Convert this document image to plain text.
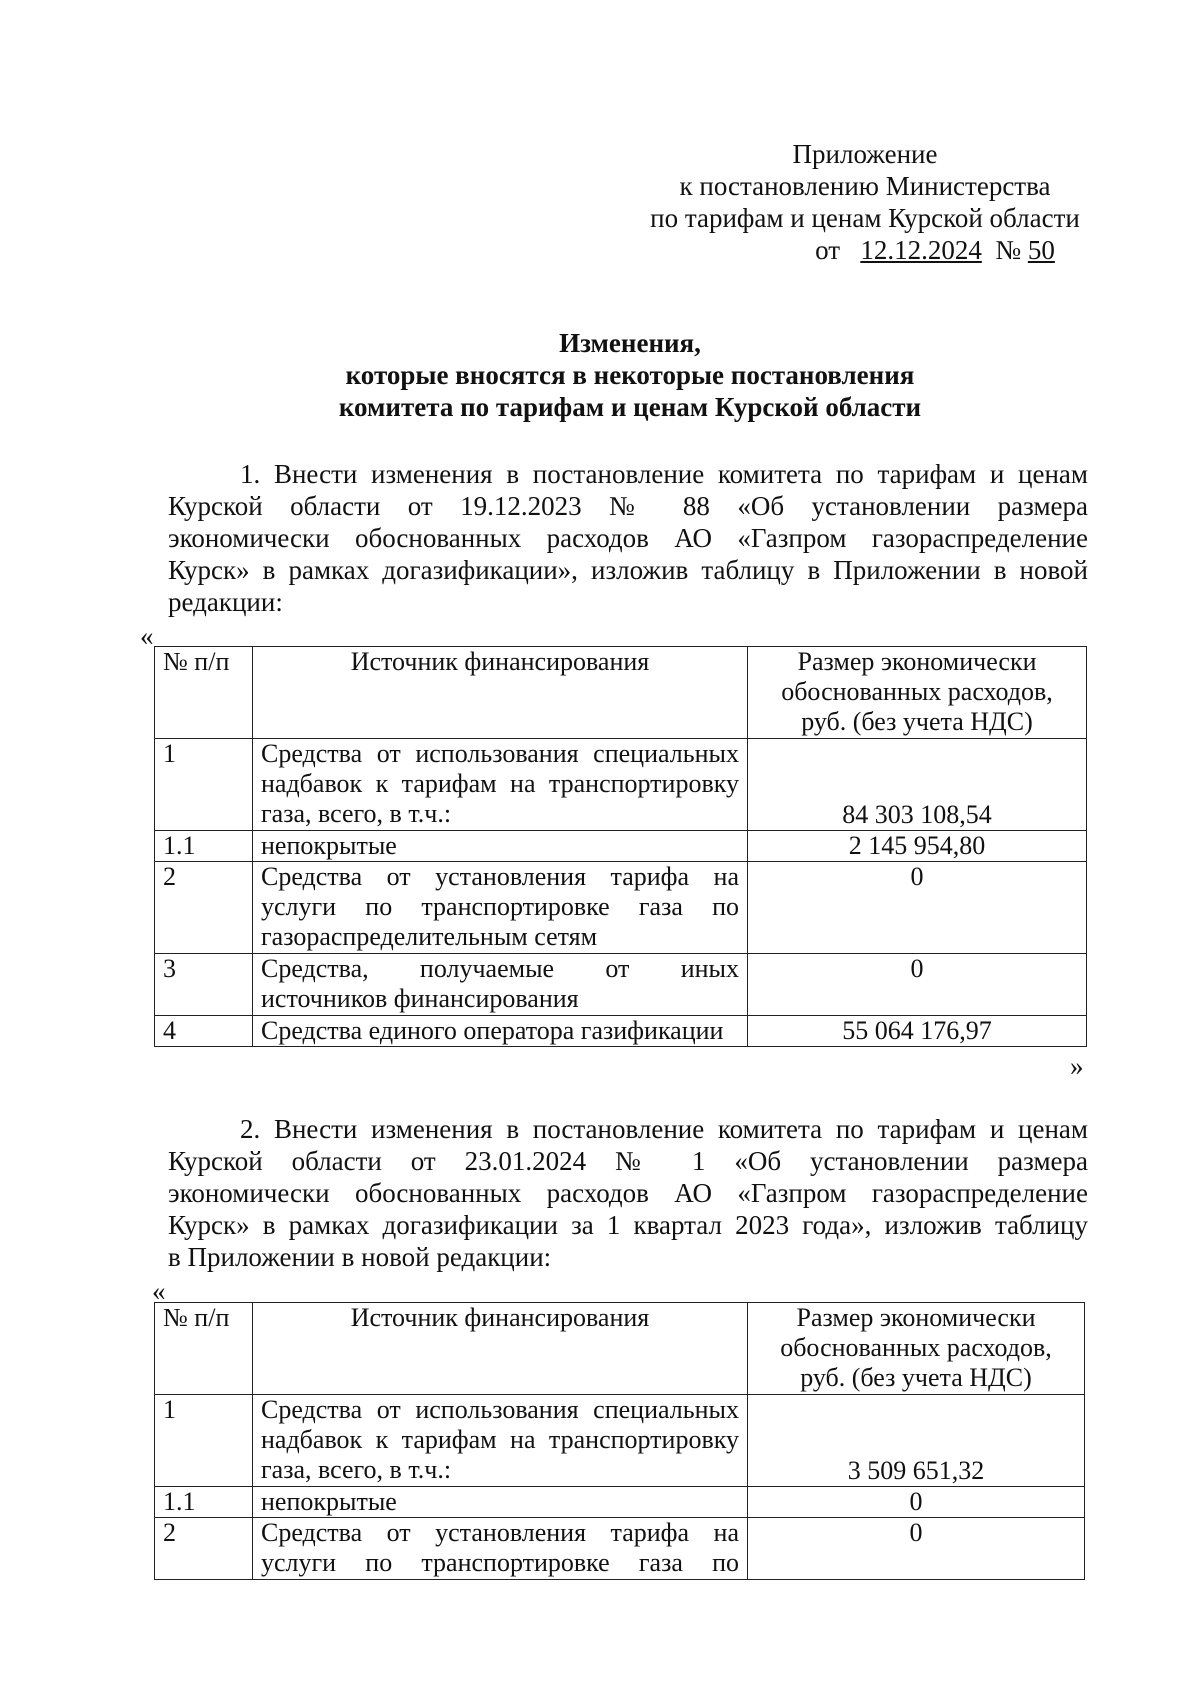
Приложение
к постановлению Министерства
по тарифам и ценам Курской области
от 12.12.2024 № 50
Изменения,
которые вносятся в некоторые постановления
комитета по тарифам и ценам Курской области
1. Внести изменения в постановление комитета по тарифам и ценам
Курской области от 19.12.2023 № 88 «Об установлении размера
экономически обоснованных расходов АО «Газпром газораспределение
Курск» в рамках догазификации», изложив таблицу в Приложении в новой
редакции:
«
№ п/п	Источник финансирования	Размер экономически
обоснованных расходов,
руб. (без учета НДС)

1	Средства от использования специальных
надбавок к тарифам на транспортировку
газа, всего, в т.ч.:	84 303 108,54
1.1	непокрытые	2 145 954,80
2	Средства от установления тарифа на
услуги по транспортировке газа по
газораспределительным сетям	0
3	Средства, получаемые от иных
источников финансирования	0
4	Средства единого оператора газификации	55 064 176,97
»
2. Внести изменения в постановление комитета по тарифам и ценам
Курской области от 23.01.2024 № 1 «Об установлении размера
экономически обоснованных расходов АО «Газпром газораспределение
Курск» в рамках догазификации за 1 квартал 2023 года», изложив таблицу
в Приложении в новой редакции:
«
№ п/п	Источник финансирования	Размер экономически
обоснованных расходов,
руб. (без учета НДС)

1	Средства от использования специальных
надбавок к тарифам на транспортировку
газа, всего, в т.ч.:	3 509 651,32
1.1	непокрытые	0
2	Средства от установления тарифа на
услуги по транспортировке газа по	0
